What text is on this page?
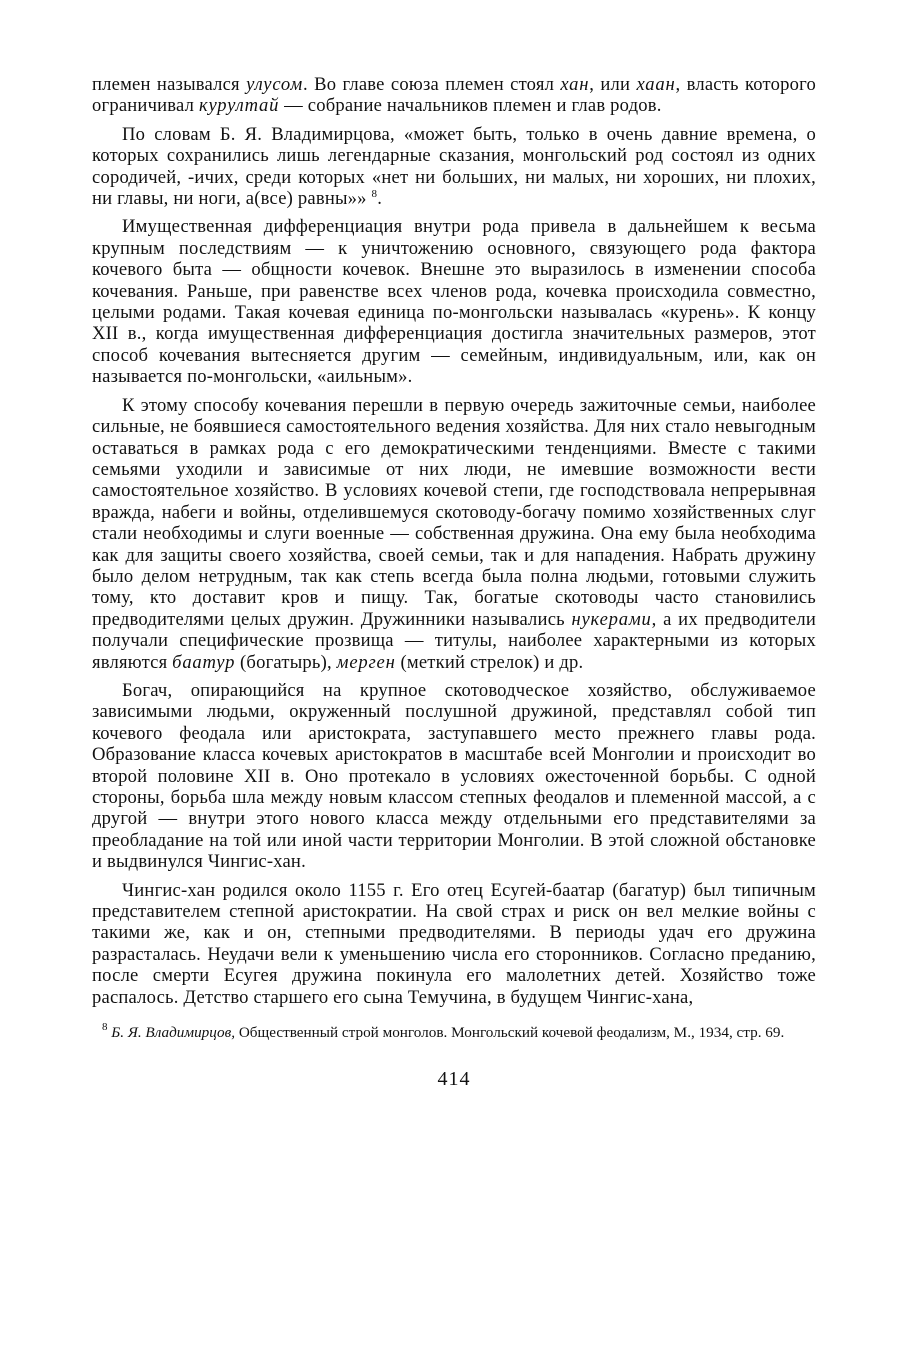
племен назывался улусом. Во главе союза племен стоял хан, или хаан, власть которого ограничивал курултай — собрание начальников племен и глав родов.

По словам Б. Я. Владимирцова, «может быть, только в очень давние времена, о которых сохранились лишь легендарные сказания, монгольский род состоял из одних сородичей, -ичих, среди которых «нет ни больших, ни малых, ни хороших, ни плохих, ни главы, ни ноги, а(все) равны»» $^8$.

Имущественная дифференциация внутри рода привела в дальнейшем к весьма крупным последствиям — к уничтожению основного, связующего рода фактора кочевого быта — общности кочевок. Внешне это выразилось в изменении способа кочевания. Раньше, при равенстве всех членов рода, кочевка происходила совместно, целыми родами. Такая кочевая единица по-монгольски называлась «курень». К концу XII в., когда имущественная дифференциация достигла значительных размеров, этот способ кочевания вытесняется другим — семейным, индивидуальным, или, как он называется по-монгольски, «аильным».

К этому способу кочевания перешли в первую очередь зажиточные семьи, наиболее сильные, не боявшиеся самостоятельного ведения хозяйства. Для них стало невыгодным оставаться в рамках рода с его демократическими тенденциями. Вместе с такими семьями уходили и зависимые от них люди, не имевшие возможности вести самостоятельное хозяйство. В условиях кочевой степи, где господствовала непрерывная вражда, набеги и войны, отделившемуся скотоводу-богачу помимо хозяйственных слуг стали необходимы и слуги военные — собственная дружина. Она ему была необходима как для защиты своего хозяйства, своей семьи, так и для нападения. Набрать дружину было делом нетрудным, так как степь всегда была полна людьми, готовыми служить тому, кто доставит кров и пищу. Так, богатые скотоводы часто становились предводителями целых дружин. Дружинники назывались нукерами, а их предводители получали специфические прозвища — титулы, наиболее характерными из которых являются баатур (богатырь), мерген (меткий стрелок) и др.

Богач, опирающийся на крупное скотоводческое хозяйство, обслуживаемое зависимыми людьми, окруженный послушной дружиной, представлял собой тип кочевого феодала или аристократа, заступавшего место прежнего главы рода. Образование класса кочевых аристократов в масштабе всей Монголии и происходит во второй половине XII в. Оно протекало в условиях ожесточенной борьбы. С одной стороны, борьба шла между новым классом степных феодалов и племенной массой, а с другой — внутри этого нового класса между отдельными его представителями за преобладание на той или иной части территории Монголии. В этой сложной обстановке и выдвинулся Чингис-хан.

Чингис-хан родился около 1155 г. Его отец Есугей-баатар (багатур) был типичным представителем степной аристократии. На свой страх и риск он вел мелкие войны с такими же, как и он, степными предводителями. В периоды удач его дружина разрасталась. Неудачи вели к уменьшению числа его сторонников. Согласно преданию, после смерти Есугея дружина покинула его малолетних детей. Хозяйство тоже распалось. Детство старшего его сына Темучина, в будущем Чингис-хана,

$^8$ Б. Я. Владимирцов, Общественный строй монголов. Монгольский кочевой феодализм, М., 1934, стр. 69.
414
